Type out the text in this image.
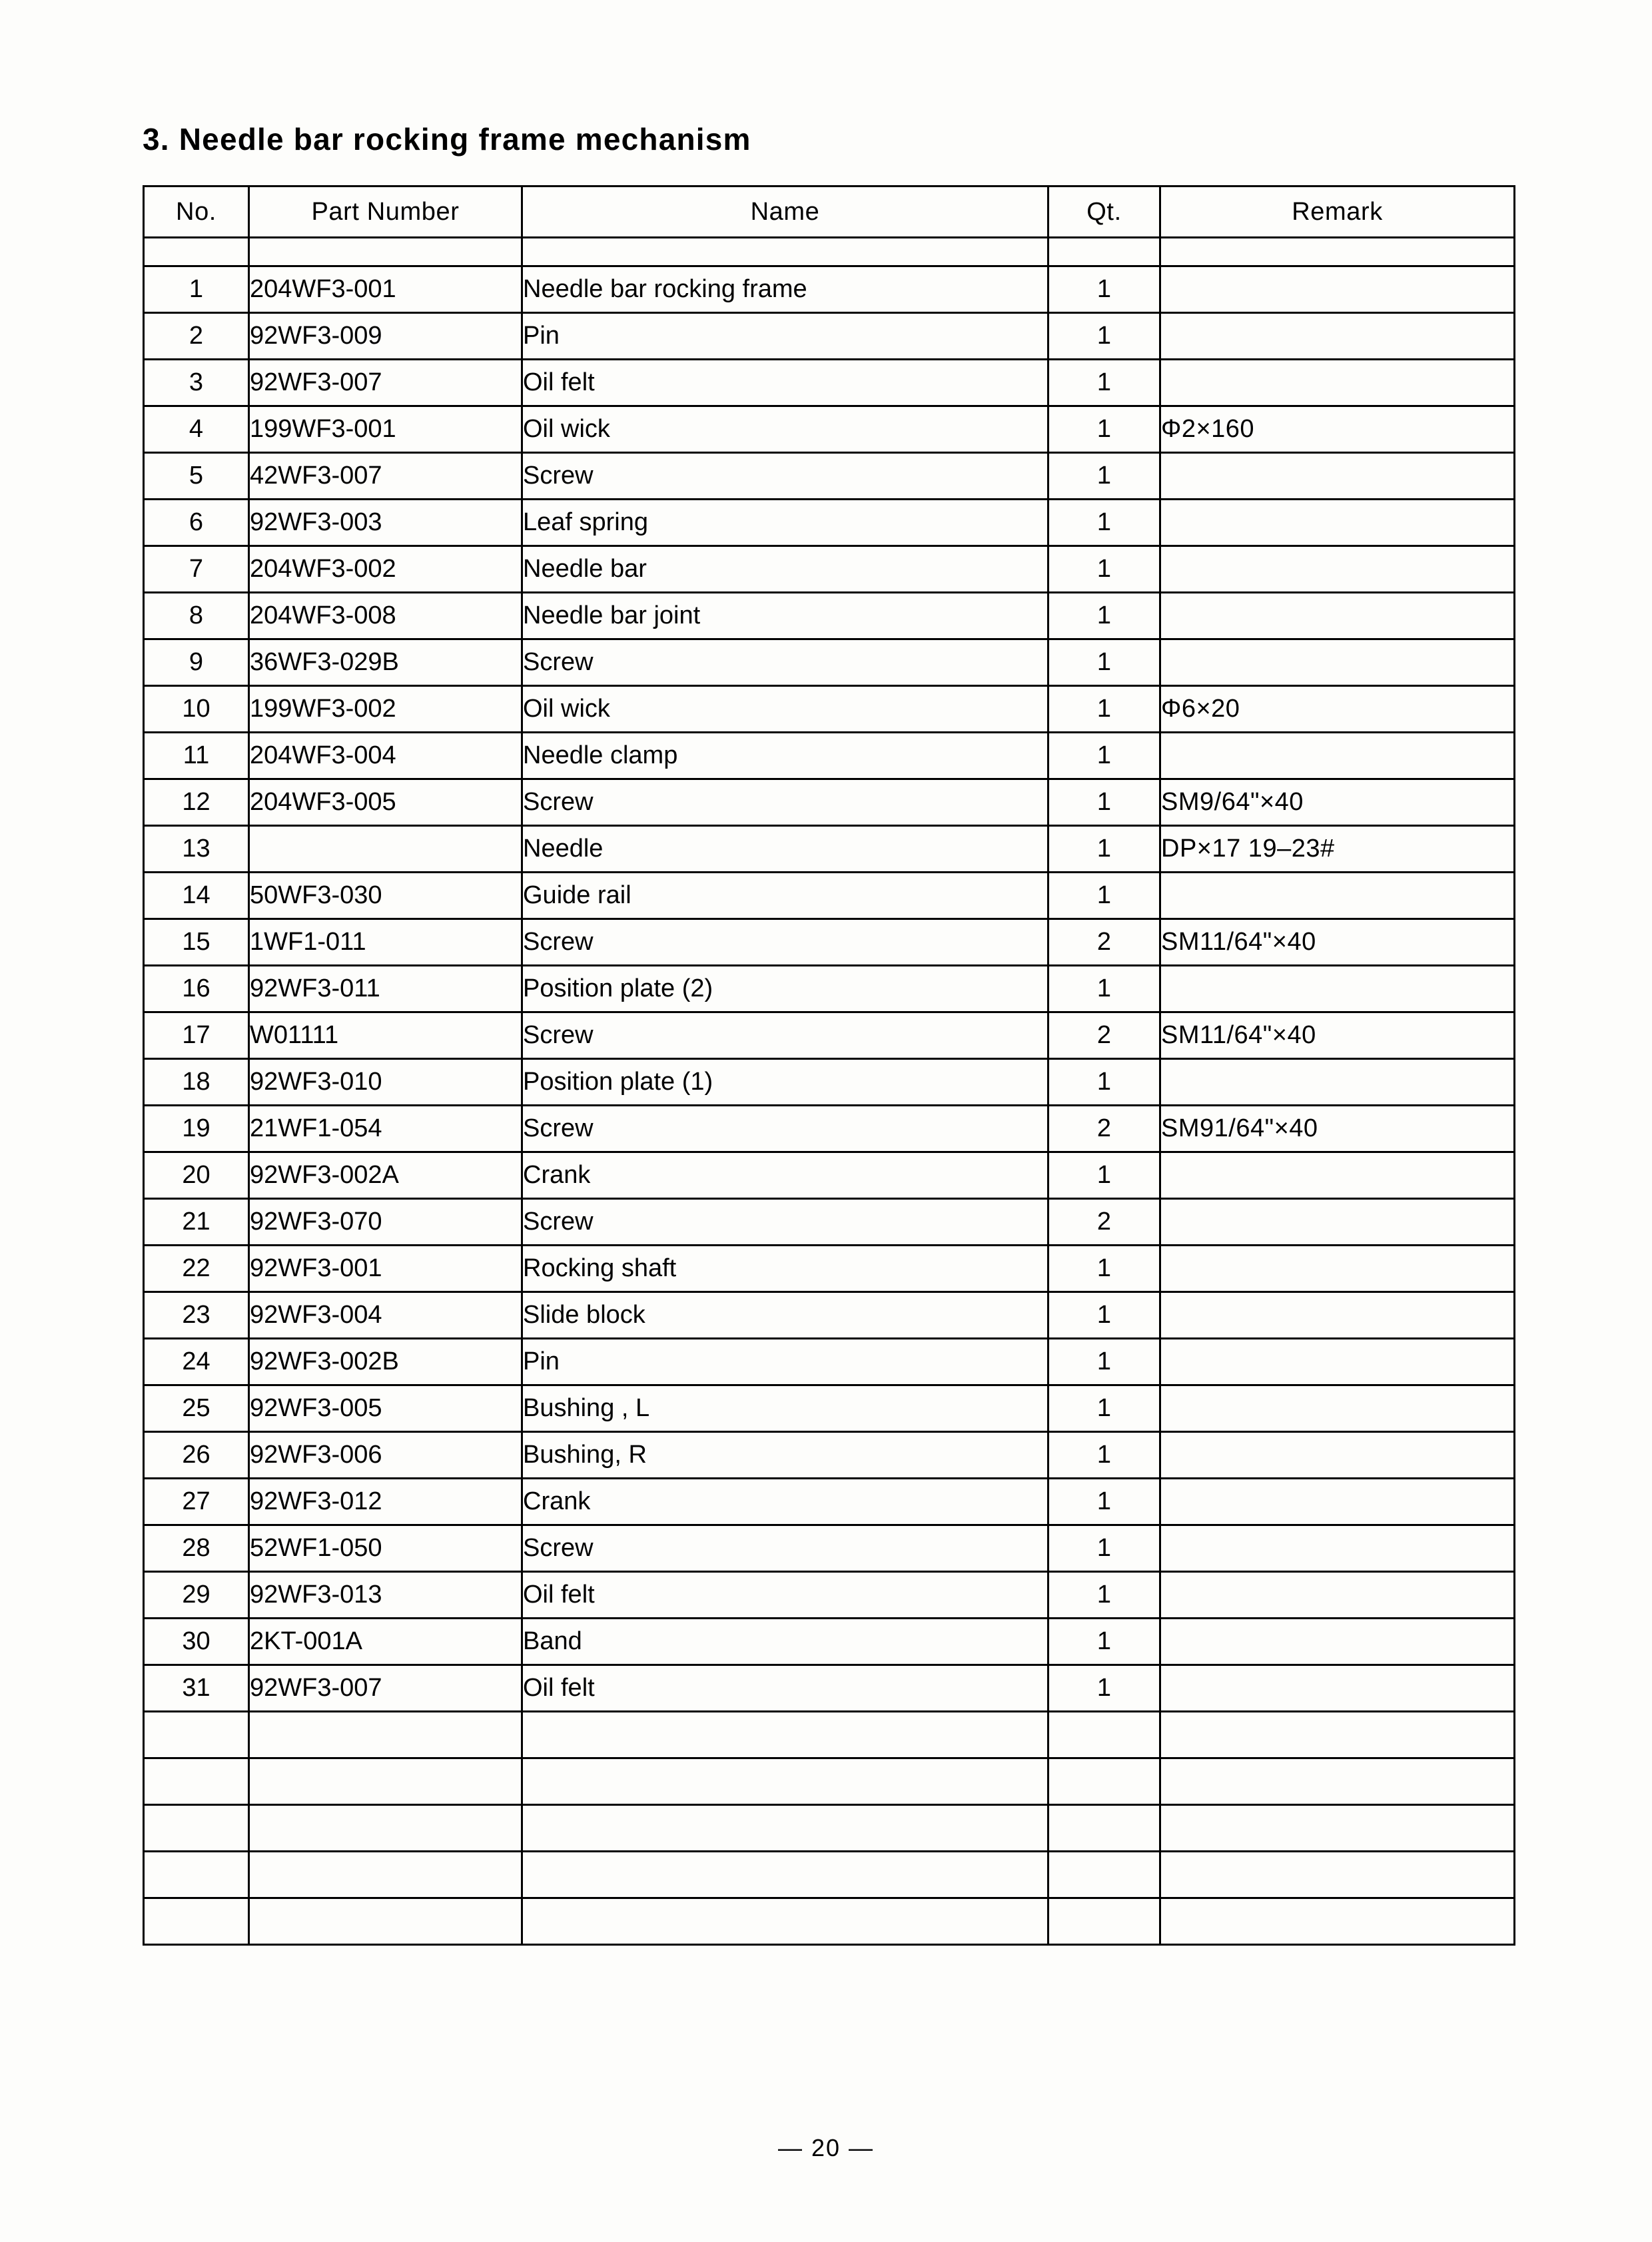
3. Needle bar rocking frame mechanism
No.	Part Number	Name	Qt.	Remark

1	204WF3-001	Needle bar rocking frame	1	
2	92WF3-009	Pin	1	
3	92WF3-007	Oil felt	1	
4	199WF3-001	Oil wick	1	Φ2×160
5	42WF3-007	Screw	1	
6	92WF3-003	Leaf spring	1	
7	204WF3-002	Needle bar	1	
8	204WF3-008	Needle bar joint	1	
9	36WF3-029B	Screw	1	
10	199WF3-002	Oil wick	1	Φ6×20
11	204WF3-004	Needle clamp	1	
12	204WF3-005	Screw	1	SM9/64"×40
13		Needle	1	DP×17 19–23#
14	50WF3-030	Guide rail	1	
15	1WF1-011	Screw	2	SM11/64"×40
16	92WF3-011	Position plate (2)	1	
17	W01111	Screw	2	SM11/64"×40
18	92WF3-010	Position plate (1)	1	
19	21WF1-054	Screw	2	SM91/64"×40
20	92WF3-002A	Crank	1	
21	92WF3-070	Screw	2	
22	92WF3-001	Rocking shaft	1	
23	92WF3-004	Slide block	1	
24	92WF3-002B	Pin	1	
25	92WF3-005	Bushing , L	1	
26	92WF3-006	Bushing, R	1	
27	92WF3-012	Crank	1	
28	52WF1-050	Screw	1	
29	92WF3-013	Oil felt	1	
30	2KT-001A	Band	1	
31	92WF3-007	Oil felt	1	

— 20 —
